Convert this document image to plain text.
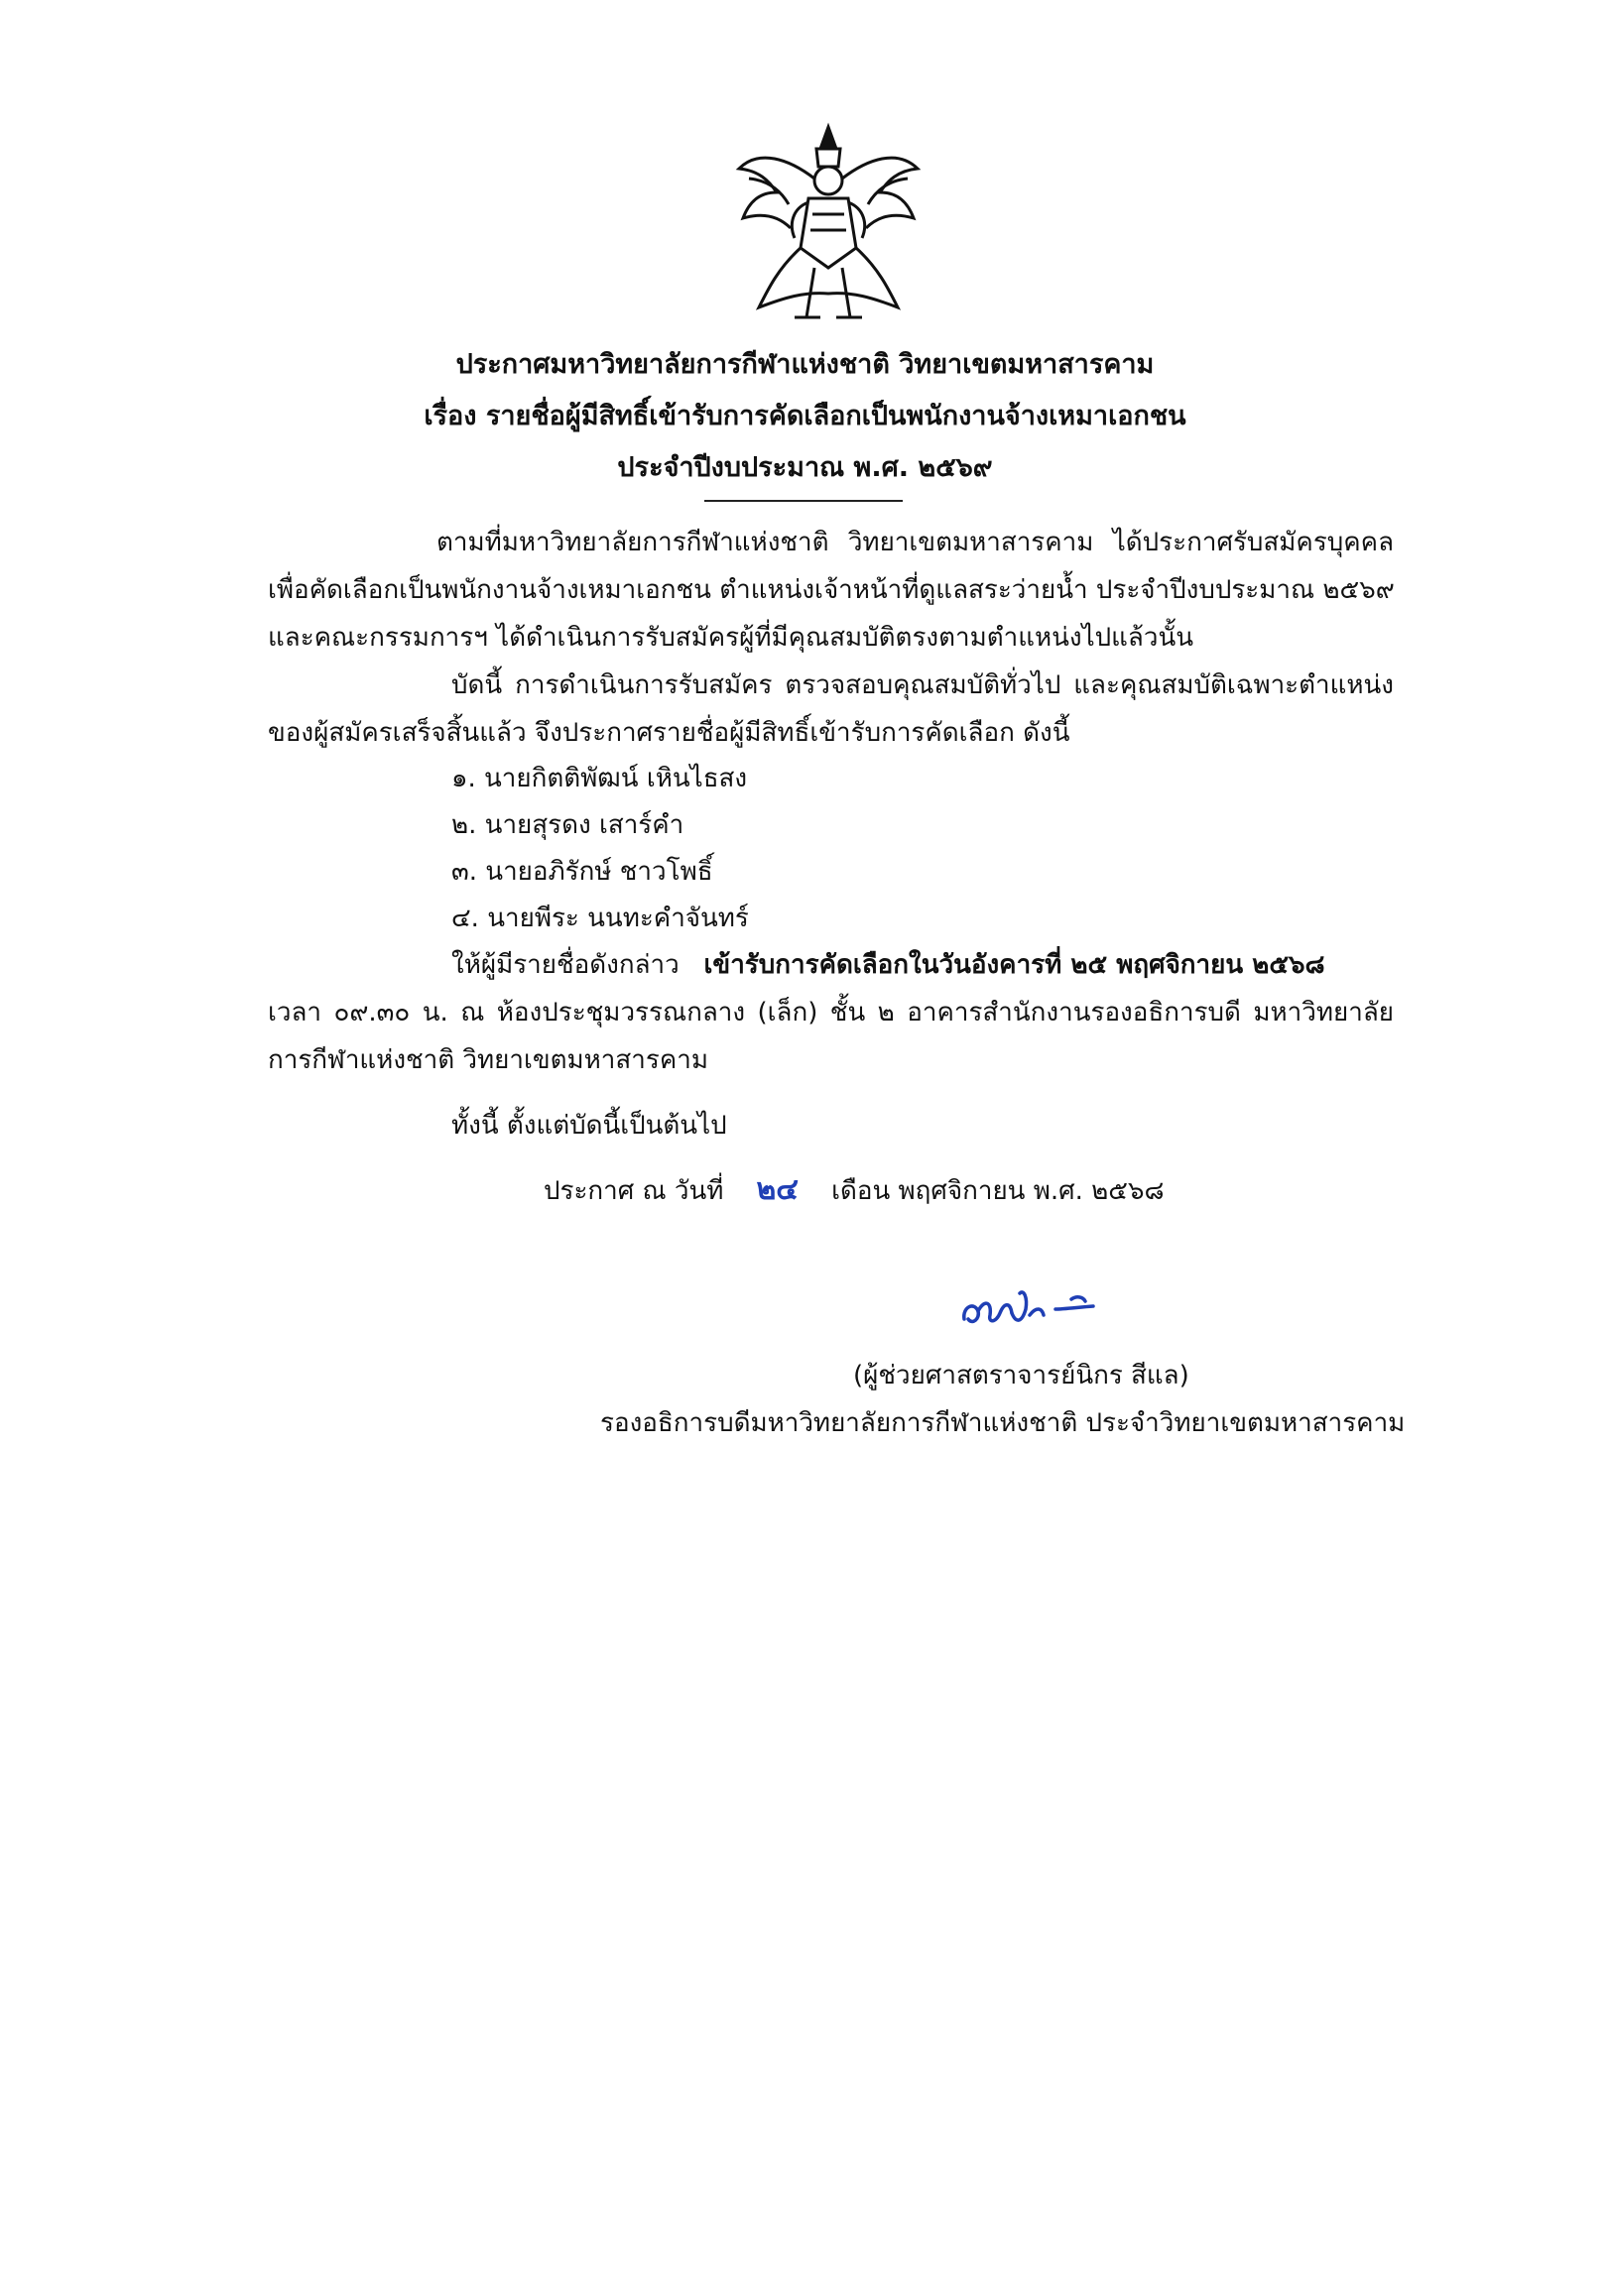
ประกาศมหาวิทยาลัยการกีฬาแห่งชาติ วิทยาเขตมหาสารคาม
เรื่อง รายชื่อผู้มีสิทธิ์เข้ารับการคัดเลือกเป็นพนักงานจ้างเหมาเอกชน
ประจำปีงบประมาณ พ.ศ. ๒๕๖๙
ตามที่มหาวิทยาลัยการกีฬาแห่งชาติ วิทยาเขตมหาสารคาม ได้ประกาศรับสมัครบุคคล
เพื่อคัดเลือกเป็นพนักงานจ้างเหมาเอกชน ตำแหน่งเจ้าหน้าที่ดูแลสระว่ายน้ำ ประจำปีงบประมาณ ๒๕๖๙
และคณะกรรมการฯ ได้ดำเนินการรับสมัครผู้ที่มีคุณสมบัติตรงตามตำแหน่งไปแล้วนั้น
บัดนี้ การดำเนินการรับสมัคร ตรวจสอบคุณสมบัติทั่วไป และคุณสมบัติเฉพาะตำแหน่ง
ของผู้สมัครเสร็จสิ้นแล้ว จึงประกาศรายชื่อผู้มีสิทธิ์เข้ารับการคัดเลือก ดังนี้
๑. นายกิตติพัฒน์ เหินไธสง
๒. นายสุรดง เสาร์คำ
๓. นายอภิรักษ์ ชาวโพธิ์
๔. นายพีระ นนทะคำจันทร์
ให้ผู้มีรายชื่อดังกล่าว เข้ารับการคัดเลือกในวันอังคารที่ ๒๕ พฤศจิกายน ๒๕๖๘
เวลา ๐๙.๓๐ น. ณ ห้องประชุมวรรณกลาง (เล็ก) ชั้น ๒ อาคารสำนักงานรองอธิการบดี มหาวิทยาลัย
การกีฬาแห่งชาติ วิทยาเขตมหาสารคาม
ทั้งนี้ ตั้งแต่บัดนี้เป็นต้นไป
ประกาศ ณ วันที่ ๒๔ เดือน พฤศจิกายน พ.ศ. ๒๕๖๘
(ผู้ช่วยศาสตราจารย์นิกร สีแล)
รองอธิการบดีมหาวิทยาลัยการกีฬาแห่งชาติ ประจำวิทยาเขตมหาสารคาม
